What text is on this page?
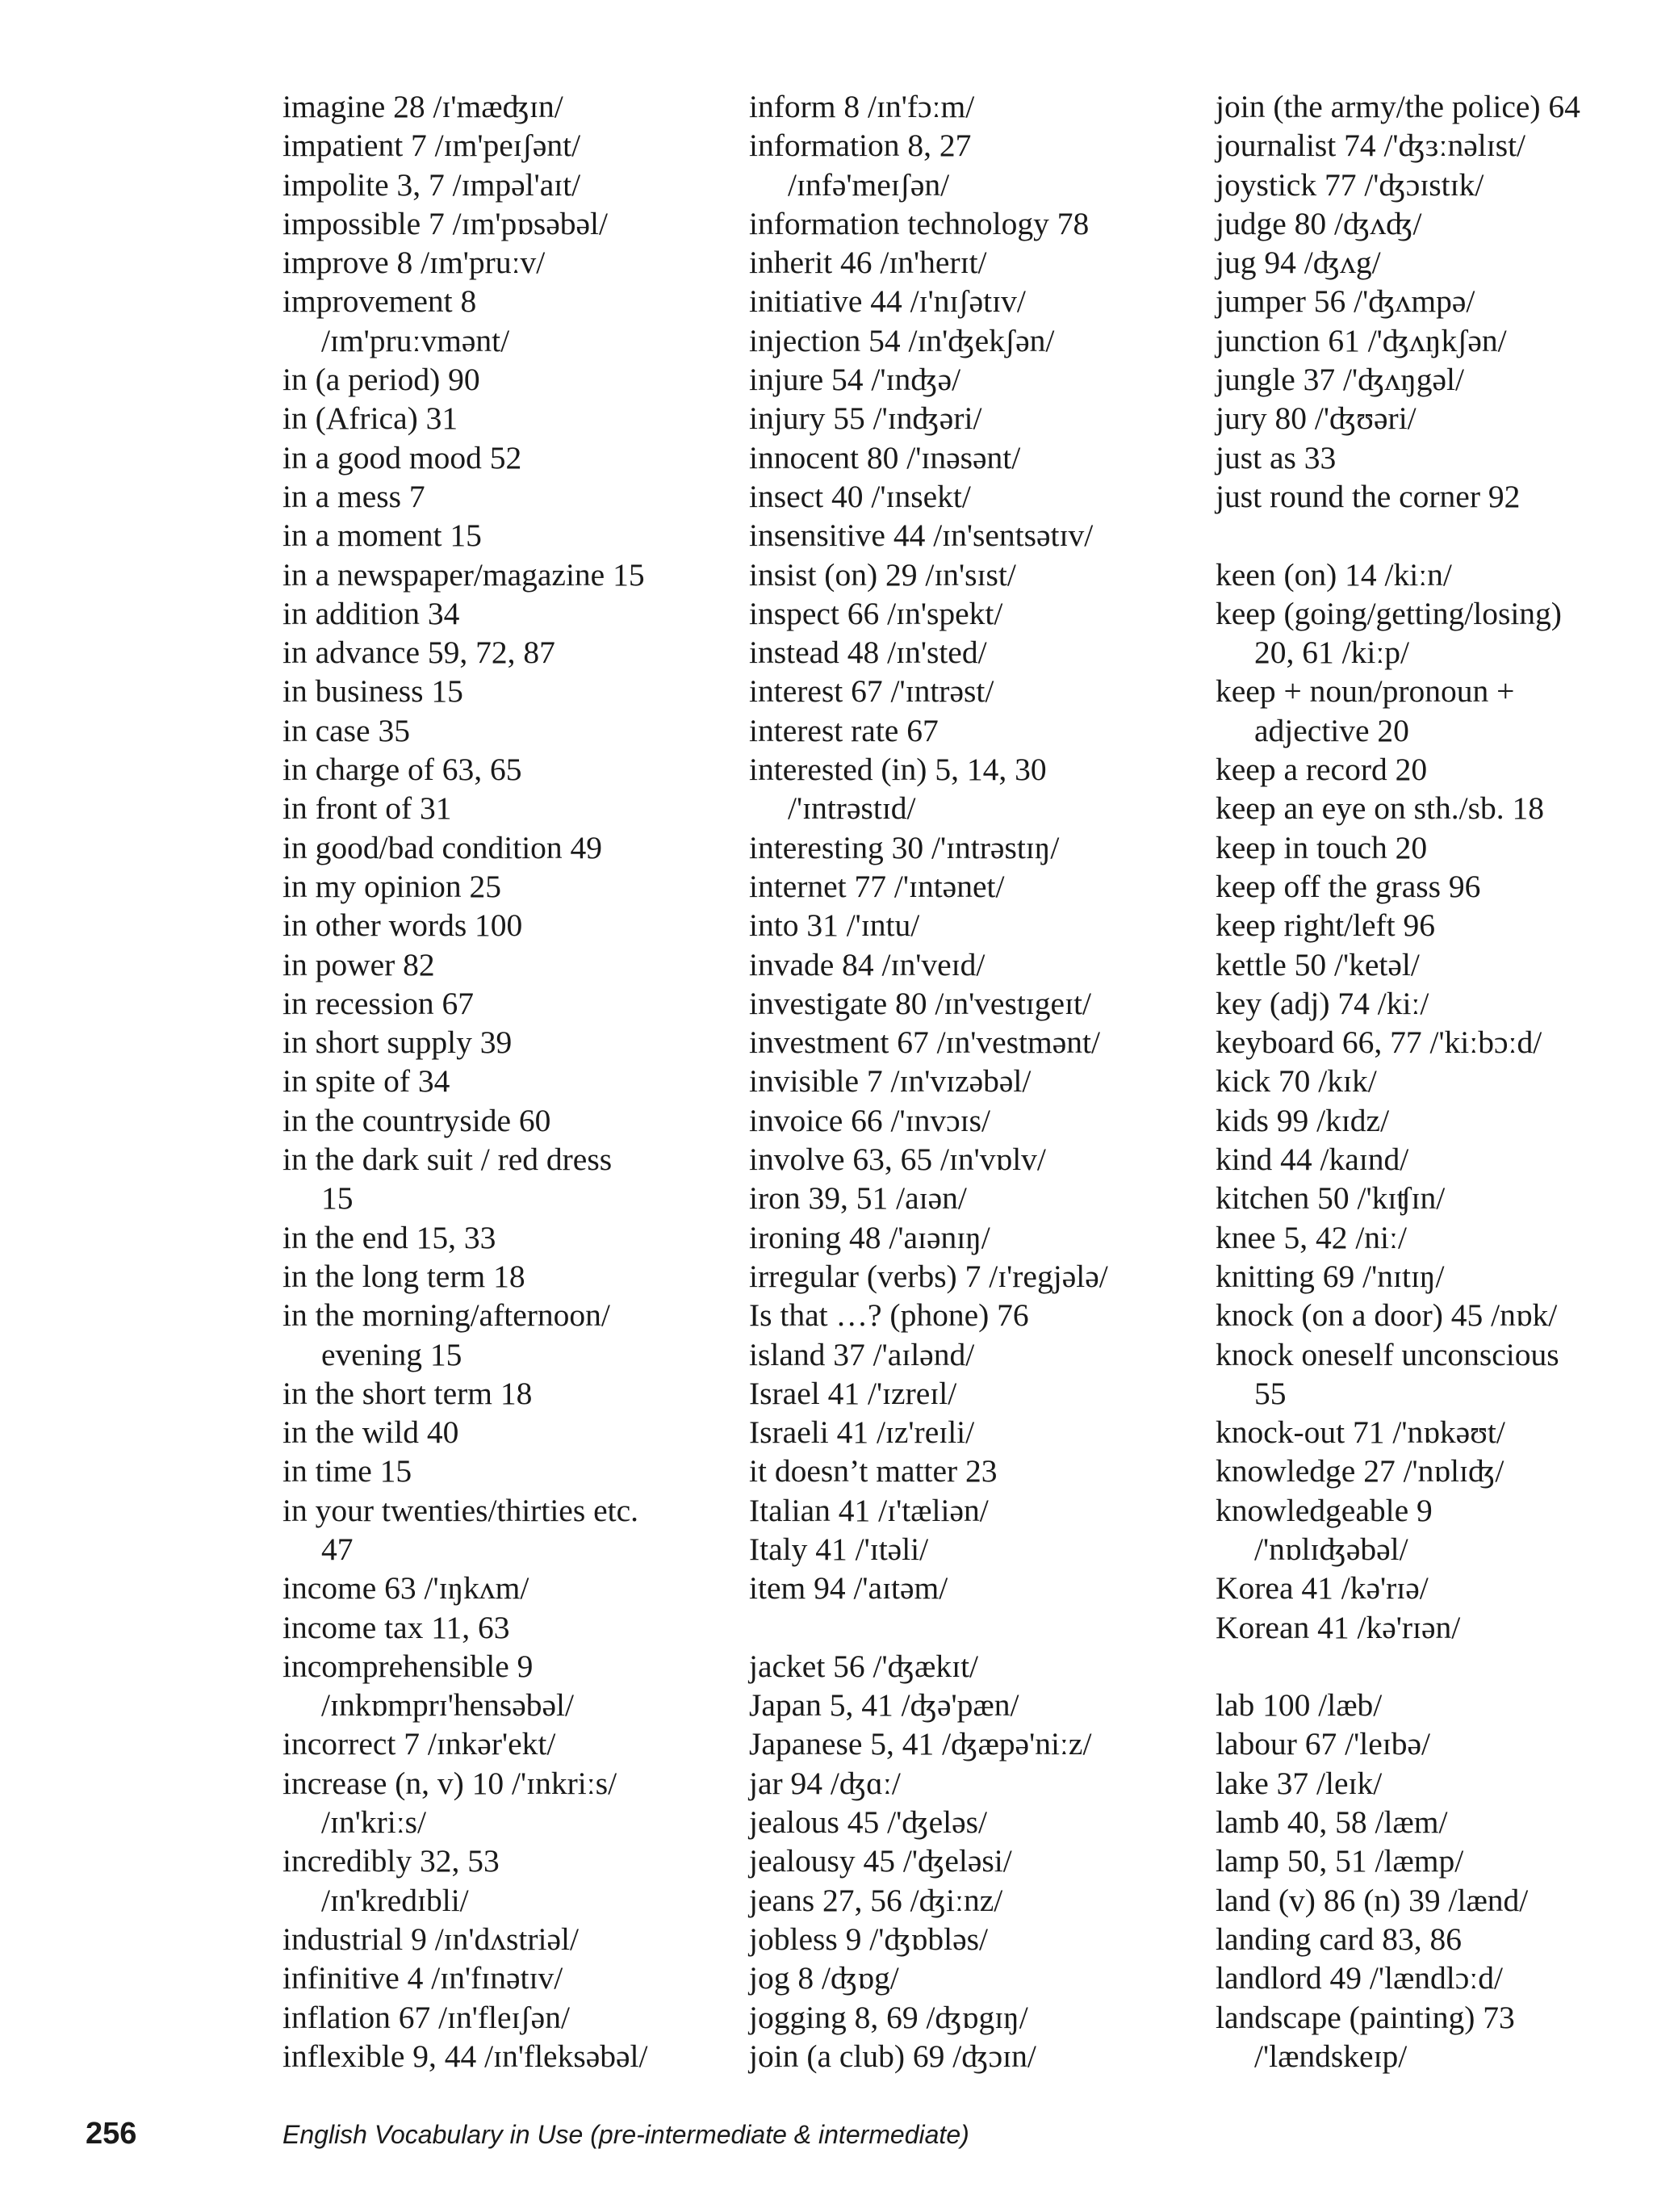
imagine 28 /ɪ'mæʤɪn/
impatient 7 /ɪm'peɪʃənt/
impolite 3, 7 /ɪmpəl'aɪt/
impossible 7 /ɪm'pɒsəbəl/
improve 8 /ɪm'pruːv/
improvement 8
/ɪm'pruːvmənt/
in (a period) 90
in (Africa) 31
in a good mood 52
in a mess 7
in a moment 15
in a newspaper/magazine 15
in addition 34
in advance 59, 72, 87
in business 15
in case 35
in charge of 63, 65
in front of 31
in good/bad condition 49
in my opinion 25
in other words 100
in power 82
in recession 67
in short supply 39
in spite of 34
in the countryside 60
in the dark suit / red dress
15
in the end 15, 33
in the long term 18
in the morning/afternoon/
evening 15
in the short term 18
in the wild 40
in time 15
in your twenties/thirties etc.
47
income 63 /'ɪŋkʌm/
income tax 11, 63
incomprehensible 9
/ɪnkɒmprɪ'hensəbəl/
incorrect 7 /ɪnkər'ekt/
increase (n, v) 10 /'ɪnkriːs/
/ɪn'kriːs/
incredibly 32, 53
/ɪn'kredɪbli/
industrial 9 /ɪn'dʌstriəl/
infinitive 4 /ɪn'fɪnətɪv/
inflation 67 /ɪn'fleɪʃən/
inflexible 9, 44 /ɪn'fleksəbəl/
inform 8 /ɪn'fɔːm/
information 8, 27
/ɪnfə'meɪʃən/
information technology 78
inherit 46 /ɪn'herɪt/
initiative 44 /ɪ'nɪʃətɪv/
injection 54 /ɪn'ʤekʃən/
injure 54 /'ɪnʤə/
injury 55 /'ɪnʤəri/
innocent 80 /'ɪnəsənt/
insect 40 /'ɪnsekt/
insensitive 44 /ɪn'sentsətɪv/
insist (on) 29 /ɪn'sɪst/
inspect 66 /ɪn'spekt/
instead 48 /ɪn'sted/
interest 67 /'ɪntrəst/
interest rate 67
interested (in) 5, 14, 30
/'ɪntrəstɪd/
interesting 30 /'ɪntrəstɪŋ/
internet 77 /'ɪntənet/
into 31 /'ɪntu/
invade 84 /ɪn'veɪd/
investigate 80 /ɪn'vestɪgeɪt/
investment 67 /ɪn'vestmənt/
invisible 7 /ɪn'vɪzəbəl/
invoice 66 /'ɪnvɔɪs/
involve 63, 65 /ɪn'vɒlv/
iron 39, 51 /aɪən/
ironing 48 /'aɪənɪŋ/
irregular (verbs) 7 /ɪ'regjələ/
Is that …? (phone) 76
island 37 /'aɪlənd/
Israel 41 /'ɪzreɪl/
Israeli 41 /ɪz'reɪli/
it doesn’t matter 23
Italian 41 /ɪ'tæliən/
Italy 41 /'ɪtəli/
item 94 /'aɪtəm/
jacket 56 /'ʤækɪt/
Japan 5, 41 /ʤə'pæn/
Japanese 5, 41 /ʤæpə'niːz/
jar 94 /ʤɑː/
jealous 45 /'ʤeləs/
jealousy 45 /'ʤeləsi/
jeans 27, 56 /ʤiːnz/
jobless 9 /'ʤɒbləs/
jog 8 /ʤɒg/
jogging 8, 69 /ʤɒgɪŋ/
join (a club) 69 /ʤɔɪn/
join (the army/the police) 64
journalist 74 /'ʤɜːnəlɪst/
joystick 77 /'ʤɔɪstɪk/
judge 80 /ʤʌʤ/
jug 94 /ʤʌg/
jumper 56 /'ʤʌmpə/
junction 61 /'ʤʌŋkʃən/
jungle 37 /'ʤʌŋgəl/
jury 80 /'ʤʊəri/
just as 33
just round the corner 92
keen (on) 14 /kiːn/
keep (going/getting/losing)
20, 61 /kiːp/
keep + noun/pronoun +
adjective 20
keep a record 20
keep an eye on sth./sb. 18
keep in touch 20
keep off the grass 96
keep right/left 96
kettle 50 /'ketəl/
key (adj) 74 /kiː/
keyboard 66, 77 /'kiːbɔːd/
kick 70 /kɪk/
kids 99 /kɪdz/
kind 44 /kaɪnd/
kitchen 50 /'kɪʧɪn/
knee 5, 42 /niː/
knitting 69 /'nɪtɪŋ/
knock (on a door) 45 /nɒk/
knock oneself unconscious
55
knock-out 71 /'nɒkəʊt/
knowledge 27 /'nɒlɪʤ/
knowledgeable 9
/'nɒlɪʤəbəl/
Korea 41 /kə'rɪə/
Korean 41 /kə'rɪən/
lab 100 /læb/
labour 67 /'leɪbə/
lake 37 /leɪk/
lamb 40, 58 /læm/
lamp 50, 51 /læmp/
land (v) 86 (n) 39 /lænd/
landing card 83, 86
landlord 49 /'lændlɔːd/
landscape (painting) 73
/'lændskeɪp/
256	English Vocabulary in Use (pre-intermediate & intermediate)
